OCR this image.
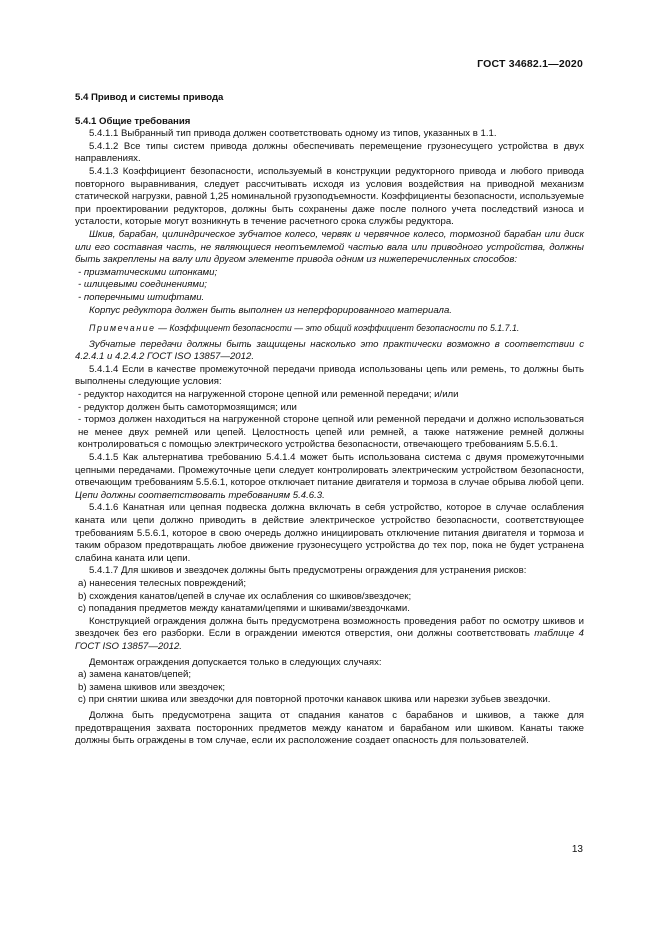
ГОСТ 34682.1—2020

5.4 Привод и системы привода

5.4.1 Общие требования

5.4.1.1 Выбранный тип привода должен соответствовать одному из типов, указанных в 1.1.

5.4.1.2 Все типы систем привода должны обеспечивать перемещение грузонесущего устройства в двух направлениях.

5.4.1.3 Коэффициент безопасности, используемый в конструкции редукторного привода и любого привода повторного выравнивания, следует рассчитывать исходя из условия воздействия на приводной механизм статической нагрузки, равной 1,25 номинальной грузоподъемности. Коэффициенты безопасности, используемые при проектировании редукторов, должны быть сохранены даже после полного учета последствий износа и усталости, которые могут возникнуть в течение расчетного срока службы редуктора.

Шкив, барабан, цилиндрическое зубчатое колесо, червяк и червячное колесо, тормозной барабан или диск или его составная часть, не являющиеся неотъемлемой частью вала или приводного устройства, должны быть закреплены на валу или другом элементе привода одним из нижеперечисленных способов:

- призматическими шпонками;

- шлицевыми соединениями;

- поперечными штифтами.

Корпус редуктора должен быть выполнен из неперфорированного материала.

Примечание — Коэффициент безопасности — это общий коэффициент безопасности по 5.1.7.1.

Зубчатые передачи должны быть защищены насколько это практически возможно в соответствии с 4.2.4.1 и 4.2.4.2 ГОСТ ISO 13857—2012.

5.4.1.4 Если в качестве промежуточной передачи привода использованы цепь или ремень, то должны быть выполнены следующие условия:

- редуктор находится на нагруженной стороне цепной или ременной передачи; и/или

- редуктор должен быть самотормозящимся; или

- тормоз должен находиться на нагруженной стороне цепной или ременной передачи и должно использоваться не менее двух ремней или цепей. Целостность цепей или ремней, а также натяжение ремней должны контролироваться с помощью электрического устройства безопасности, отвечающего требованиям 5.5.6.1.

5.4.1.5 Как альтернатива требованию 5.4.1.4 может быть использована система с двумя промежуточными цепными передачами. Промежуточные цепи следует контролировать электрическим устройством безопасности, отвечающим требованиям 5.5.6.1, которое отключает питание двигателя и тормоза в случае обрыва любой цепи. Цепи должны соответствовать требованиям 5.4.6.3.

5.4.1.6 Канатная или цепная подвеска должна включать в себя устройство, которое в случае ослабления каната или цепи должно приводить в действие электрическое устройство безопасности, соответствующее требованиям 5.5.6.1, которое в свою очередь должно инициировать отключение питания двигателя и тормоза и таким образом предотвращать любое движение грузонесущего устройства до тех пор, пока не будет устранена слабина каната или цепи.

5.4.1.7 Для шкивов и звездочек должны быть предусмотрены ограждения для устранения рисков:

a) нанесения телесных повреждений;

b) схождения канатов/цепей в случае их ослабления со шкивов/звездочек;

c) попадания предметов между канатами/цепями и шкивами/звездочками.

Конструкцией ограждения должна быть предусмотрена возможность проведения работ по осмотру шкивов и звездочек без его разборки. Если в ограждении имеются отверстия, они должны соответствовать таблице 4 ГОСТ ISO 13857—2012.

Демонтаж ограждения допускается только в следующих случаях:

a) замена канатов/цепей;

b) замена шкивов или звездочек;

c) при снятии шкива или звездочки для повторной проточки канавок шкива или нарезки зубьев звездочки.

Должна быть предусмотрена защита от спадания канатов с барабанов и шкивов, а также для предотвращения захвата посторонних предметов между канатом и барабаном или шкивом. Канаты также должны быть ограждены в том случае, если их расположение создает опасность для пользователей.

13
